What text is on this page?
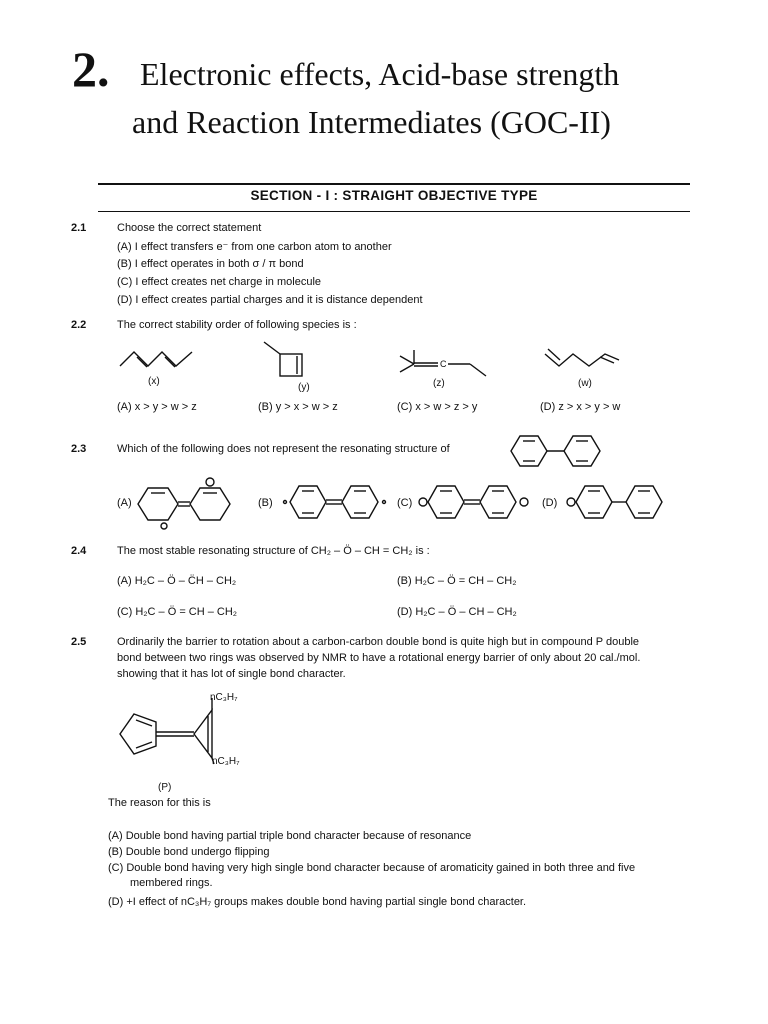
2. Electronic effects, Acid-base strength
and Reaction Intermediates (GOC-II)
SECTION - I : STRAIGHT OBJECTIVE TYPE
2.1	Choose the correct statement
(A) I effect transfers e⁻ from one carbon atom to another
(B) I effect operates in both σ / π bond
(C) I effect creates net charge in molecule
(D) I effect creates partial charges and it is distance dependent
2.2	The correct stability order of following species is :
C
(x)
(y)	(z)	(w)
(A) x > y > w > z	(B) y > x > w > z	(C) x > w > z > y	(D) z > x > y > w
2.3	Which of the following does not represent the resonating structure of
(A)	(B)	(C)	(D)
2.4	The most stable resonating structure of CH₂ – Ö – CH = CH₂ is :
(A) H₂C – Ö – C̈H – CH₂	(B) H₂C – Ö = CH – CH₂
(C) H₂C – Ö = CH – CH₂	(D) H₂C – Ö – CH – CH₂
2.5	Ordinarily the barrier to rotation about a carbon-carbon double bond is quite high but in compound P double
bond between two rings was observed by NMR to have a rotational energy barrier of only about 20 cal./mol.
showing that it has lot of single bond character.
nC₃H₇
nC₃H₇
(P)
The reason for this is
(A) Double bond having partial triple bond character because of resonance
(B) Double bond undergo flipping
(C) Double bond having very high single bond character because of aromaticity gained in both three and five
membered rings.
(D) +I effect of nC₃H₇ groups makes double bond having partial single bond character.
